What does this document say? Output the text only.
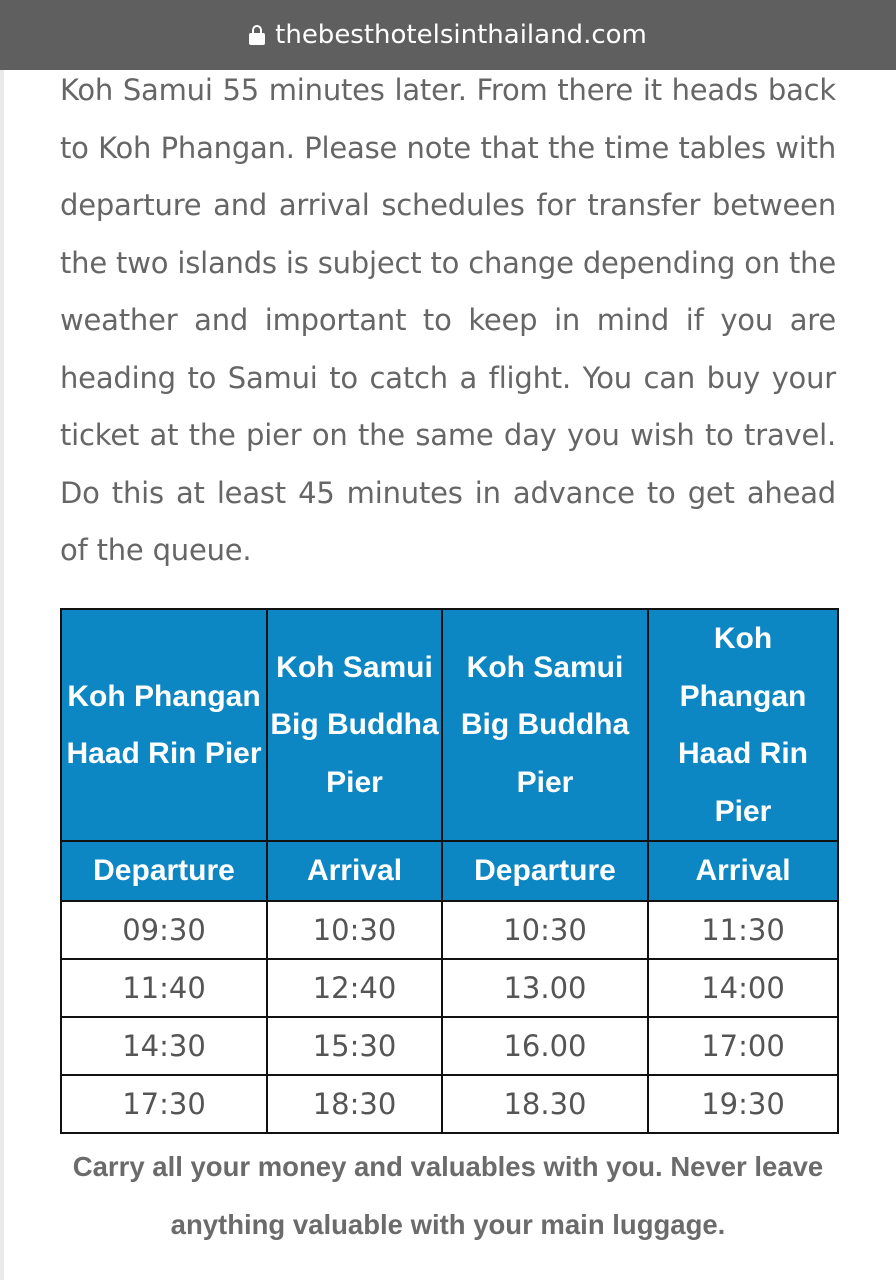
thebesthotelsinthailand.com

Koh Samui 55 minutes later. From there it heads back to Koh Phangan. Please note that the time tables with departure and arrival schedules for transfer between the two islands is subject to change depending on the weather and important to keep in mind if you are heading to Samui to catch a flight. You can buy your ticket at the pier on the same day you wish to travel. Do this at least 45 minutes in advance to get ahead of the queue.

Koh Phangan Haad Rin Pier	Koh Samui Big Buddha Pier	Koh Samui Big Buddha Pier	Koh Phangan Haad Rin Pier
Departure	Arrival	Departure	Arrival
09:30	10:30	10:30	11:30
11:40	12:40	13.00	14:00
14:30	15:30	16.00	17:00
17:30	18:30	18.30	19:30

Carry all your money and valuables with you. Never leave anything valuable with your main luggage.
